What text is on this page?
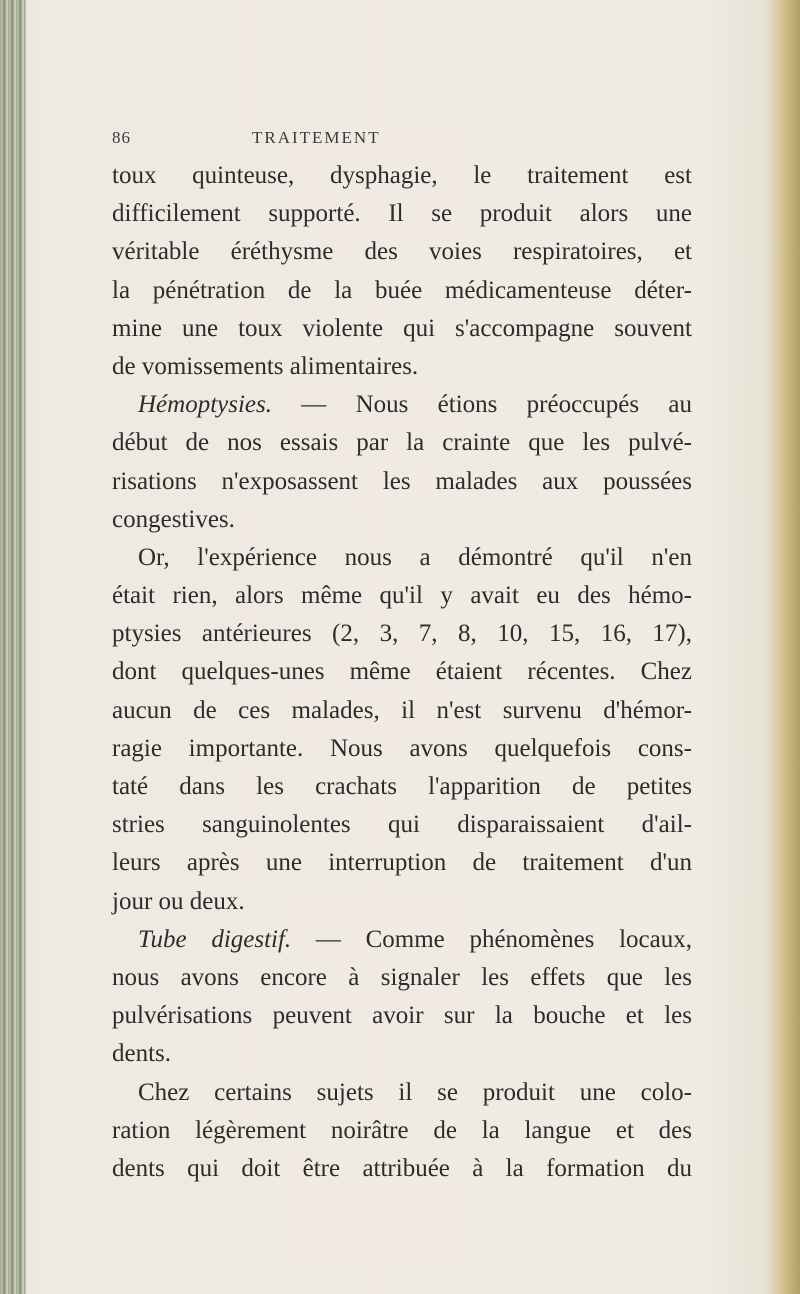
86	TRAITEMENT
toux quinteuse, dysphagie, le traitement est
difficilement supporté. Il se produit alors une
véritable éréthysme des voies respiratoires, et
la pénétration de la buée médicamenteuse déter-
mine une toux violente qui s'accompagne souvent
de vomissements alimentaires.
Hémoptysies. — Nous étions préoccupés au
début de nos essais par la crainte que les pulvé-
risations n'exposassent les malades aux poussées
congestives.
Or, l'expérience nous a démontré qu'il n'en
était rien, alors même qu'il y avait eu des hémo-
ptysies antérieures (2, 3, 7, 8, 10, 15, 16, 17),
dont quelques-unes même étaient récentes. Chez
aucun de ces malades, il n'est survenu d'hémor-
ragie importante. Nous avons quelquefois cons-
taté dans les crachats l'apparition de petites
stries sanguinolentes qui disparaissaient d'ail-
leurs après une interruption de traitement d'un
jour ou deux.
Tube digestif. — Comme phénomènes locaux,
nous avons encore à signaler les effets que les
pulvérisations peuvent avoir sur la bouche et les
dents.
Chez certains sujets il se produit une colo-
ration légèrement noirâtre de la langue et des
dents qui doit être attribuée à la formation du
